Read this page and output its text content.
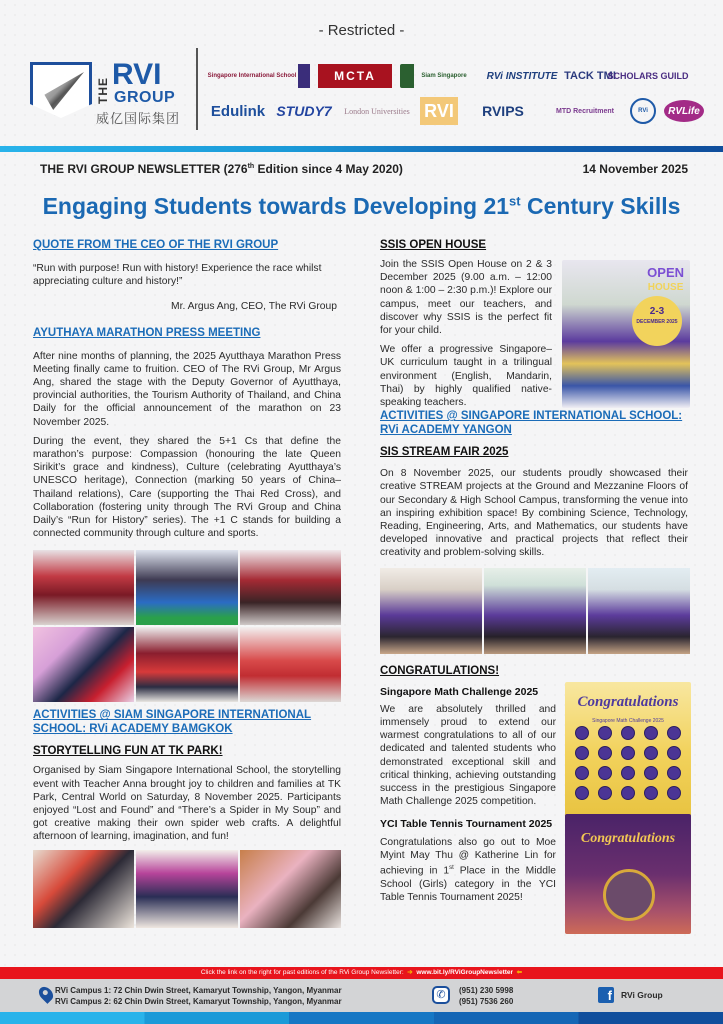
- Restricted -
THE RVI
GROUP
威亿国际集团
Singapore International School	MCTA	Siam Singapore	RVi INSTITUTE TACK TMI
SCHOLARS GUILD
Edulink STUDY7 London Universities RVI	RVIPS	MTD Recruitment	RVi	RVLife
THE RVI GROUP NEWSLETTER (276th Edition since 4 May 2020)	14 November 2025
Engaging Students towards Developing 21st Century Skills
QUOTE FROM THE CEO OF THE RVI GROUP

“Run with purpose! Run with history! Experience the race whilst appreciating culture and history!”

Mr. Argus Ang, CEO, The RVi Group

AYUTHAYA MARATHON PRESS MEETING

After nine months of planning, the 2025 Ayutthaya Marathon Press Meeting finally came to fruition. CEO of The RVi Group, Mr Argus Ang, shared the stage with the Deputy Governor of Ayutthaya, provincial authorities, the Tourism Authority of Thailand, and China Daily for the official announcement of the marathon on 23 November 2025.

During the event, they shared the 5+1 Cs that define the marathon’s purpose: Compassion (honouring the late Queen Sirikit’s grace and kindness), Culture (celebrating Ayutthaya’s UNESCO heritage), Connection (marking 50 years of China–Thailand relations), Care (supporting the Thai Red Cross), and Collaboration (fostering unity through The RVi Group and China Daily’s “Run for History” series). The +1 C stands for building a connected community through culture and sports.

ACTIVITIES @ SIAM SINGAPORE INTERNATIONAL SCHOOL: RVi ACADEMY BAMGKOK
STORYTELLING FUN AT TK PARK!

Organised by Siam Singapore International School, the storytelling event with Teacher Anna brought joy to children and families at TK Park, Central World on Saturday, 8 November 2025. Participants enjoyed “Lost and Found” and “There’s a Spider in My Soup” and got creative making their own spider web crafts. A delightful afternoon of learning, imagination, and fun!

SSIS OPEN HOUSE

Join the SSIS Open House on 2 & 3 December 2025 (9.00 a.m. – 12:00 noon & 1:00 – 2:30 p.m.)! Explore our campus, meet our teachers, and discover why SSIS is the perfect fit for your child.

We offer a progressive Singapore–UK curriculum taught in a trilingual environment (English, Mandarin, Thai) by highly qualified native-speaking teachers.

OPEN
HOUSE
2-3
DECEMBER 2025
ACTIVITIES @ SINGAPORE INTERNATIONAL SCHOOL: RVi ACADEMY YANGON
SIS STREAM FAIR 2025

On 8 November 2025, our students proudly showcased their creative STREAM projects at the Ground and Mezzanine Floors of our Secondary & High School Campus, transforming the venue into an inspiring exhibition space! By combining Science, Technology, Reading, Engineering, Arts, and Mathematics, our students have developed innovative and practical projects that reflect their creativity and problem-solving skills.

CONGRATULATIONS!
Congratulations
Singapore Math Challenge 2025
Singapore Math Challenge 2025

We are absolutely thrilled and immensely proud to extend our warmest congratulations to all of our dedicated and talented students who demonstrated exceptional skill and critical thinking, achieving outstanding success in the prestigious Singapore Math Challenge 2025 competition.

Congratulations
YCI Table Tennis Tournament 2025

Congratulations also go out to Moe Myint May Thu @ Katherine Lin for achieving in 1st Place in the Middle School (Girls) category in the YCI Table Tennis Tournament 2025!

Click the link on the right for past editions of the RVi Group Newsletter:  ➔  www.bit.ly/RViGroupNewsletter  ⬅
RVi Campus 1: 72 Chin Dwin Street, Kamaryut Township, Yangon, Myanmar
RVi Campus 2: 62 Chin Dwin Street, Kamaryut Township, Yangon, Myanmar
✆	(951) 230 5998
(951) 7536 260	f RVi Group
